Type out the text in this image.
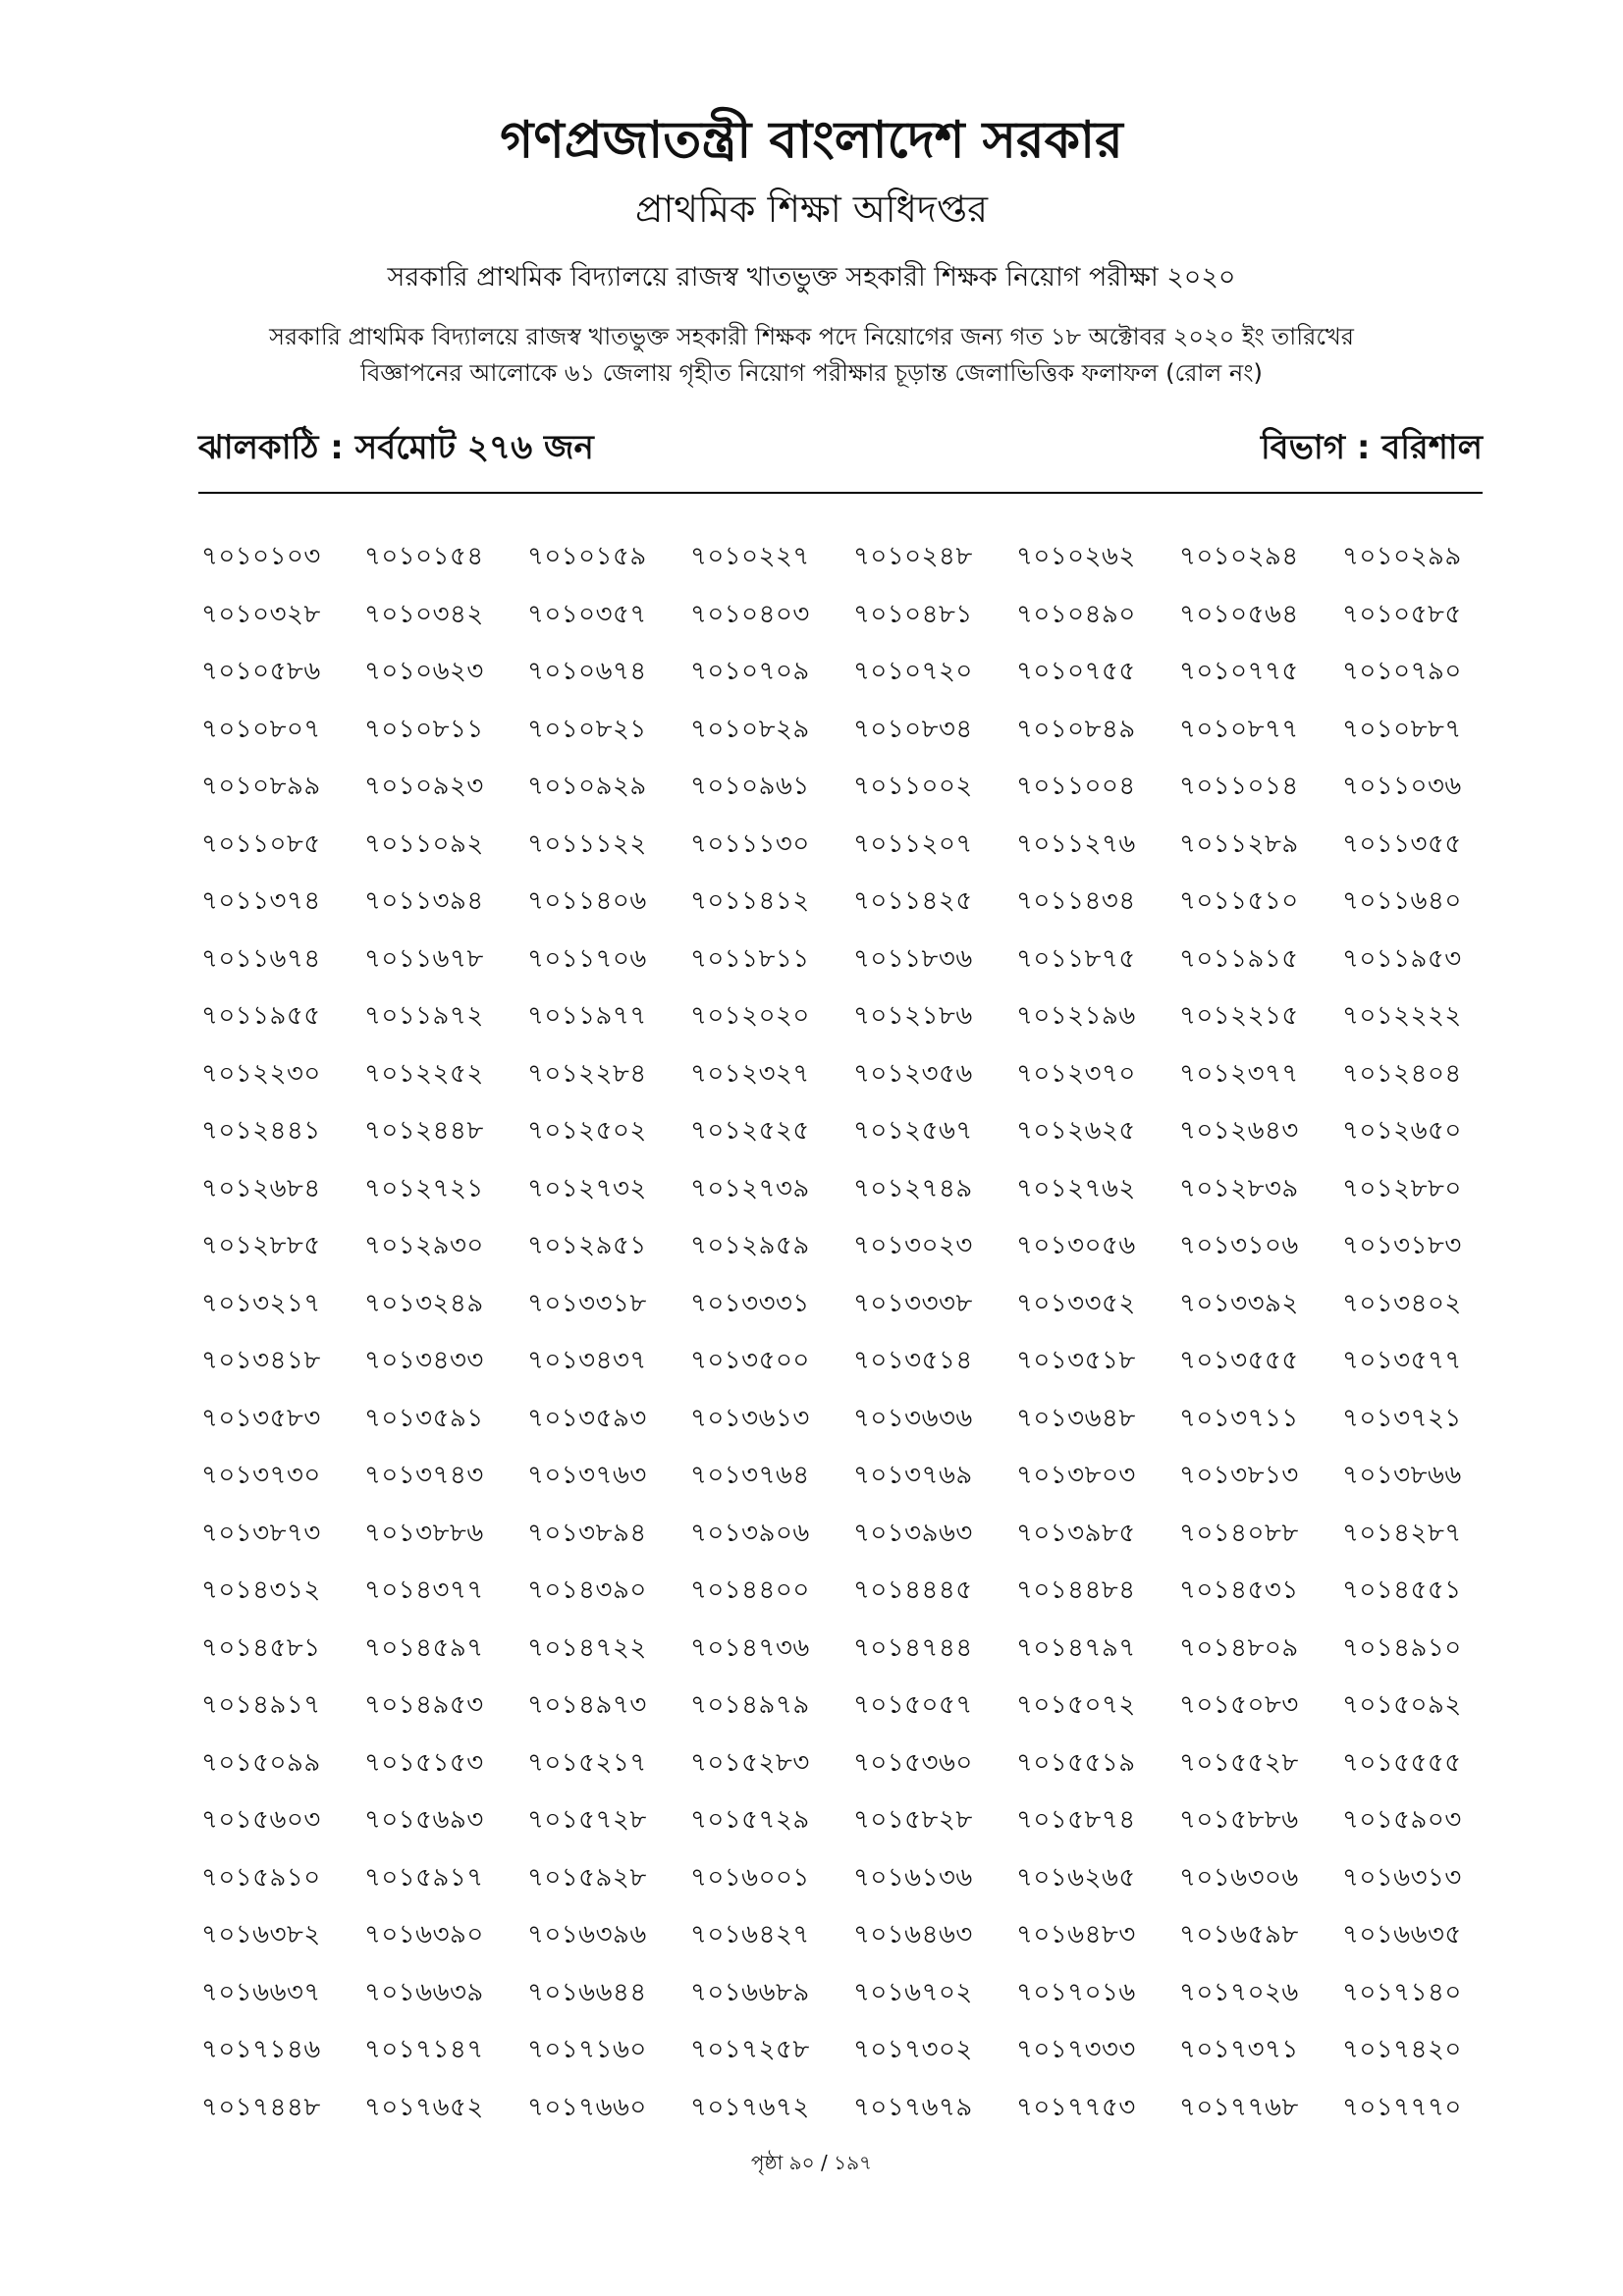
গণপ্রজাতন্ত্রী বাংলাদেশ সরকার
প্রাথমিক শিক্ষা অধিদপ্তর
সরকারি প্রাথমিক বিদ্যালয়ে রাজস্ব খাতভুক্ত সহকারী শিক্ষক নিয়োগ পরীক্ষা ২০২০
সরকারি প্রাথমিক বিদ্যালয়ে রাজস্ব খাতভুক্ত সহকারী শিক্ষক পদে নিয়োগের জন্য গত ১৮ অক্টোবর ২০২০ ইং তারিখের
বিজ্ঞাপনের আলোকে ৬১ জেলায় গৃহীত নিয়োগ পরীক্ষার চূড়ান্ত জেলাভিত্তিক ফলাফল (রোল নং)
ঝালকাঠি : সর্বমোট ২৭৬ জন	বিভাগ : বরিশাল
৭০১০১০৩	৭০১০১৫৪	৭০১০১৫৯	৭০১০২২৭	৭০১০২৪৮	৭০১০২৬২	৭০১০২৯৪	৭০১০২৯৯
৭০১০৩২৮	৭০১০৩৪২	৭০১০৩৫৭	৭০১০৪০৩	৭০১০৪৮১	৭০১০৪৯০	৭০১০৫৬৪	৭০১০৫৮৫
৭০১০৫৮৬	৭০১০৬২৩	৭০১০৬৭৪	৭০১০৭০৯	৭০১০৭২০	৭০১০৭৫৫	৭০১০৭৭৫	৭০১০৭৯০
৭০১০৮০৭	৭০১০৮১১	৭০১০৮২১	৭০১০৮২৯	৭০১০৮৩৪	৭০১০৮৪৯	৭০১০৮৭৭	৭০১০৮৮৭
৭০১০৮৯৯	৭০১০৯২৩	৭০১০৯২৯	৭০১০৯৬১	৭০১১০০২	৭০১১০০৪	৭০১১০১৪	৭০১১০৩৬
৭০১১০৮৫	৭০১১০৯২	৭০১১১২২	৭০১১১৩০	৭০১১২০৭	৭০১১২৭৬	৭০১১২৮৯	৭০১১৩৫৫
৭০১১৩৭৪	৭০১১৩৯৪	৭০১১৪০৬	৭০১১৪১২	৭০১১৪২৫	৭০১১৪৩৪	৭০১১৫১০	৭০১১৬৪০
৭০১১৬৭৪	৭০১১৬৭৮	৭০১১৭০৬	৭০১১৮১১	৭০১১৮৩৬	৭০১১৮৭৫	৭০১১৯১৫	৭০১১৯৫৩
৭০১১৯৫৫	৭০১১৯৭২	৭০১১৯৭৭	৭০১২০২০	৭০১২১৮৬	৭০১২১৯৬	৭০১২২১৫	৭০১২২২২
৭০১২২৩০	৭০১২২৫২	৭০১২২৮৪	৭০১২৩২৭	৭০১২৩৫৬	৭০১২৩৭০	৭০১২৩৭৭	৭০১২৪০৪
৭০১২৪৪১	৭০১২৪৪৮	৭০১২৫০২	৭০১২৫২৫	৭০১২৫৬৭	৭০১২৬২৫	৭০১২৬৪৩	৭০১২৬৫০
৭০১২৬৮৪	৭০১২৭২১	৭০১২৭৩২	৭০১২৭৩৯	৭০১২৭৪৯	৭০১২৭৬২	৭০১২৮৩৯	৭০১২৮৮০
৭০১২৮৮৫	৭০১২৯৩০	৭০১২৯৫১	৭০১২৯৫৯	৭০১৩০২৩	৭০১৩০৫৬	৭০১৩১০৬	৭০১৩১৮৩
৭০১৩২১৭	৭০১৩২৪৯	৭০১৩৩১৮	৭০১৩৩৩১	৭০১৩৩৩৮	৭০১৩৩৫২	৭০১৩৩৯২	৭০১৩৪০২
৭০১৩৪১৮	৭০১৩৪৩৩	৭০১৩৪৩৭	৭০১৩৫০০	৭০১৩৫১৪	৭০১৩৫১৮	৭০১৩৫৫৫	৭০১৩৫৭৭
৭০১৩৫৮৩	৭০১৩৫৯১	৭০১৩৫৯৩	৭০১৩৬১৩	৭০১৩৬৩৬	৭০১৩৬৪৮	৭০১৩৭১১	৭০১৩৭২১
৭০১৩৭৩০	৭০১৩৭৪৩	৭০১৩৭৬৩	৭০১৩৭৬৪	৭০১৩৭৬৯	৭০১৩৮০৩	৭০১৩৮১৩	৭০১৩৮৬৬
৭০১৩৮৭৩	৭০১৩৮৮৬	৭০১৩৮৯৪	৭০১৩৯০৬	৭০১৩৯৬৩	৭০১৩৯৮৫	৭০১৪০৮৮	৭০১৪২৮৭
৭০১৪৩১২	৭০১৪৩৭৭	৭০১৪৩৯০	৭০১৪৪০০	৭০১৪৪৪৫	৭০১৪৪৮৪	৭০১৪৫৩১	৭০১৪৫৫১
৭০১৪৫৮১	৭০১৪৫৯৭	৭০১৪৭২২	৭০১৪৭৩৬	৭০১৪৭৪৪	৭০১৪৭৯৭	৭০১৪৮০৯	৭০১৪৯১০
৭০১৪৯১৭	৭০১৪৯৫৩	৭০১৪৯৭৩	৭০১৪৯৭৯	৭০১৫০৫৭	৭০১৫০৭২	৭০১৫০৮৩	৭০১৫০৯২
৭০১৫০৯৯	৭০১৫১৫৩	৭০১৫২১৭	৭০১৫২৮৩	৭০১৫৩৬০	৭০১৫৫১৯	৭০১৫৫২৮	৭০১৫৫৫৫
৭০১৫৬০৩	৭০১৫৬৯৩	৭০১৫৭২৮	৭০১৫৭২৯	৭০১৫৮২৮	৭০১৫৮৭৪	৭০১৫৮৮৬	৭০১৫৯০৩
৭০১৫৯১০	৭০১৫৯১৭	৭০১৫৯২৮	৭০১৬০০১	৭০১৬১৩৬	৭০১৬২৬৫	৭০১৬৩০৬	৭০১৬৩১৩
৭০১৬৩৮২	৭০১৬৩৯০	৭০১৬৩৯৬	৭০১৬৪২৭	৭০১৬৪৬৩	৭০১৬৪৮৩	৭০১৬৫৯৮	৭০১৬৬৩৫
৭০১৬৬৩৭	৭০১৬৬৩৯	৭০১৬৬৪৪	৭০১৬৬৮৯	৭০১৬৭০২	৭০১৭০১৬	৭০১৭০২৬	৭০১৭১৪০
৭০১৭১৪৬	৭০১৭১৪৭	৭০১৭১৬০	৭০১৭২৫৮	৭০১৭৩০২	৭০১৭৩৩৩	৭০১৭৩৭১	৭০১৭৪২০
৭০১৭৪৪৮	৭০১৭৬৫২	৭০১৭৬৬০	৭০১৭৬৭২	৭০১৭৬৭৯	৭০১৭৭৫৩	৭০১৭৭৬৮	৭০১৭৭৭০
পৃষ্ঠা ৯০ / ১৯৭
